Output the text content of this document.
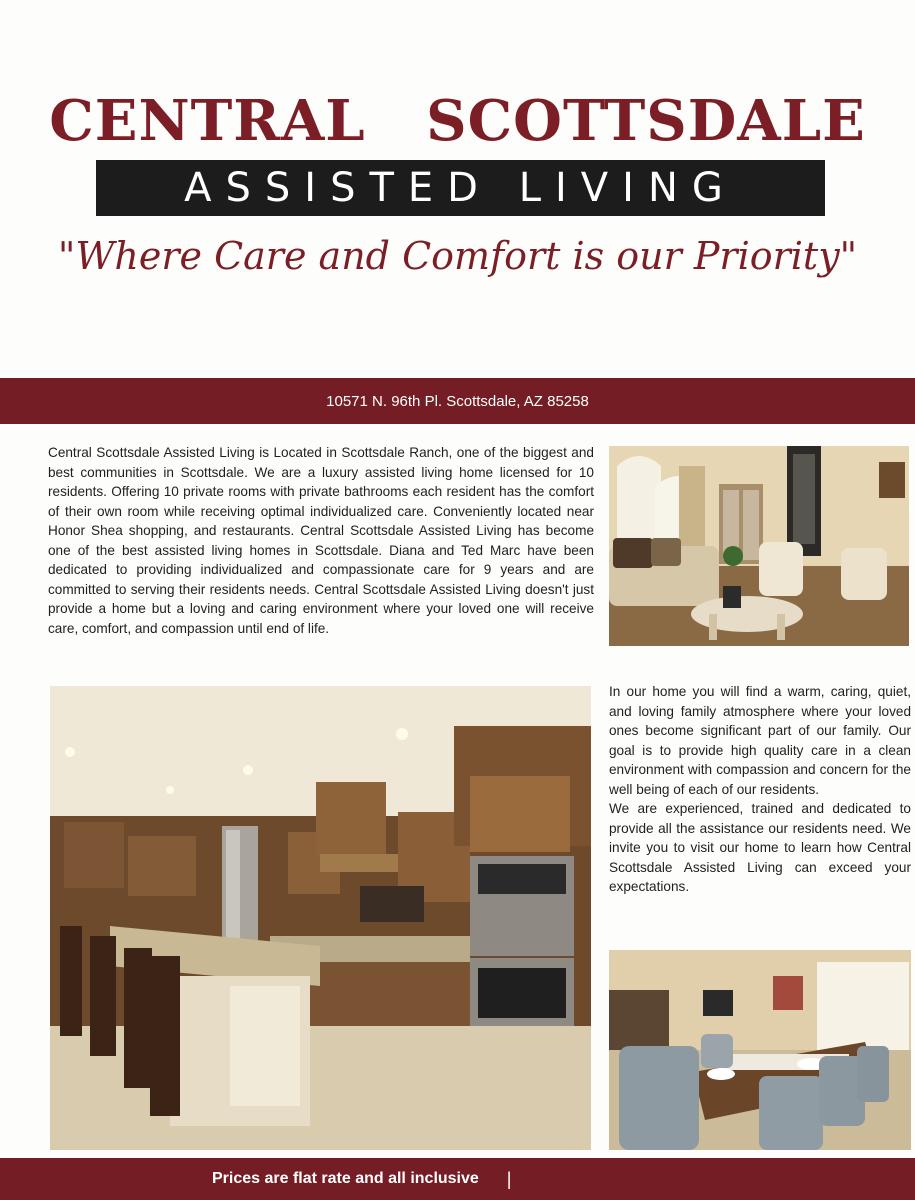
CENTRAL SCOTTSDALE
ASSISTED LIVING
"Where Care and Comfort is our Priority"
10571 N. 96th Pl. Scottsdale, AZ 85258

Central Scottsdale Assisted Living is Located in Scottsdale Ranch, one of the biggest and best communities in Scottsdale. We are a luxury assisted living home licensed for 10 residents. Offering 10 private rooms with private bathrooms each resident has the comfort of their own room while receiving optimal individualized care. Conveniently located near Honor Shea shopping, and restaurants. Central Scottsdale Assisted Living has become one of the best assisted living homes in Scottsdale. Diana and Ted Marc have been dedicated to providing individualized and compassionate care for 9 years and are committed to serving their residents needs. Central Scottsdale Assisted Living doesn't just provide a home but a loving and caring environment where your loved one will receive care, comfort, and compassion until end of life.

In our home you will find a warm, caring, quiet, and loving family atmosphere where your loved ones become significant part of our family. Our goal is to provide high quality care in a clean environment with compassion and concern for the well being of each of our residents.

We are experienced, trained and dedicated to provide all the assistance our residents need. We invite you to visit our home to learn how Central Scottsdale Assisted Living can exceed your expectations.

Prices are flat rate and all inclusive |
